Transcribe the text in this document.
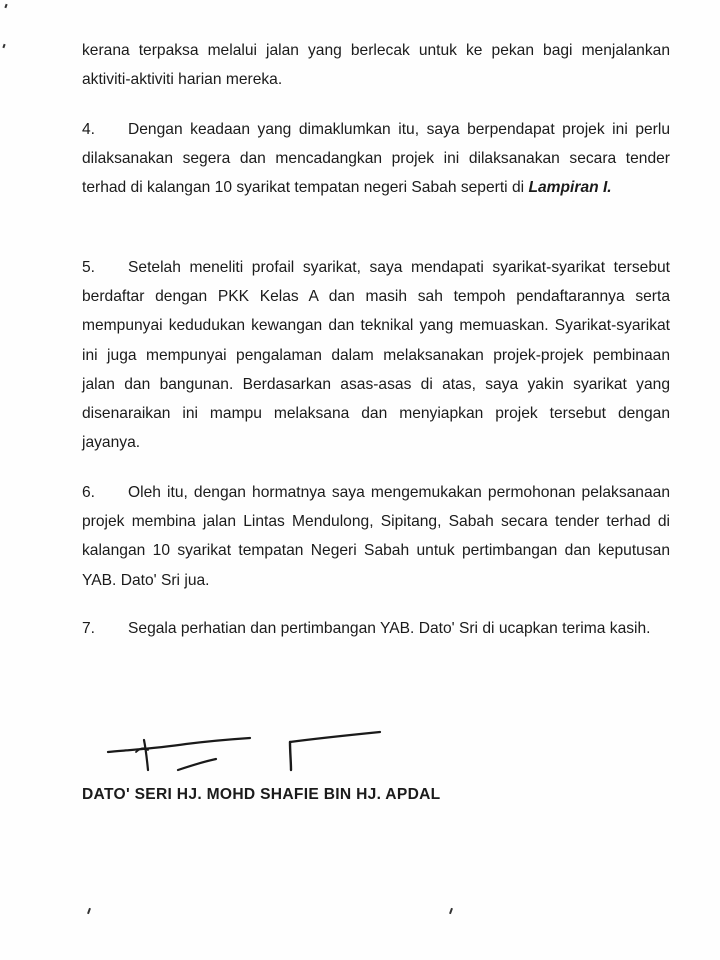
kerana terpaksa melalui jalan yang berlecak untuk ke pekan bagi menjalankan aktiviti-aktiviti harian mereka.

4. Dengan keadaan yang dimaklumkan itu, saya berpendapat projek ini perlu dilaksanakan segera dan mencadangkan projek ini dilaksanakan secara tender terhad di kalangan 10 syarikat tempatan negeri Sabah seperti di Lampiran I.

5. Setelah meneliti profail syarikat, saya mendapati syarikat-syarikat tersebut berdaftar dengan PKK Kelas A dan masih sah tempoh pendaftarannya serta mempunyai kedudukan kewangan dan teknikal yang memuaskan. Syarikat-syarikat ini juga mempunyai pengalaman dalam melaksanakan projek-projek pembinaan jalan dan bangunan. Berdasarkan asas-asas di atas, saya yakin syarikat yang disenaraikan ini mampu melaksana dan menyiapkan projek tersebut dengan jayanya.

6. Oleh itu, dengan hormatnya saya mengemukakan permohonan pelaksanaan projek membina jalan Lintas Mendulong, Sipitang, Sabah secara tender terhad di kalangan 10 syarikat tempatan Negeri Sabah untuk pertimbangan dan keputusan YAB. Dato' Sri jua.

7. Segala perhatian dan pertimbangan YAB. Dato' Sri di ucapkan terima kasih.

DATO' SERI HJ. MOHD SHAFIE BIN HJ. APDAL
